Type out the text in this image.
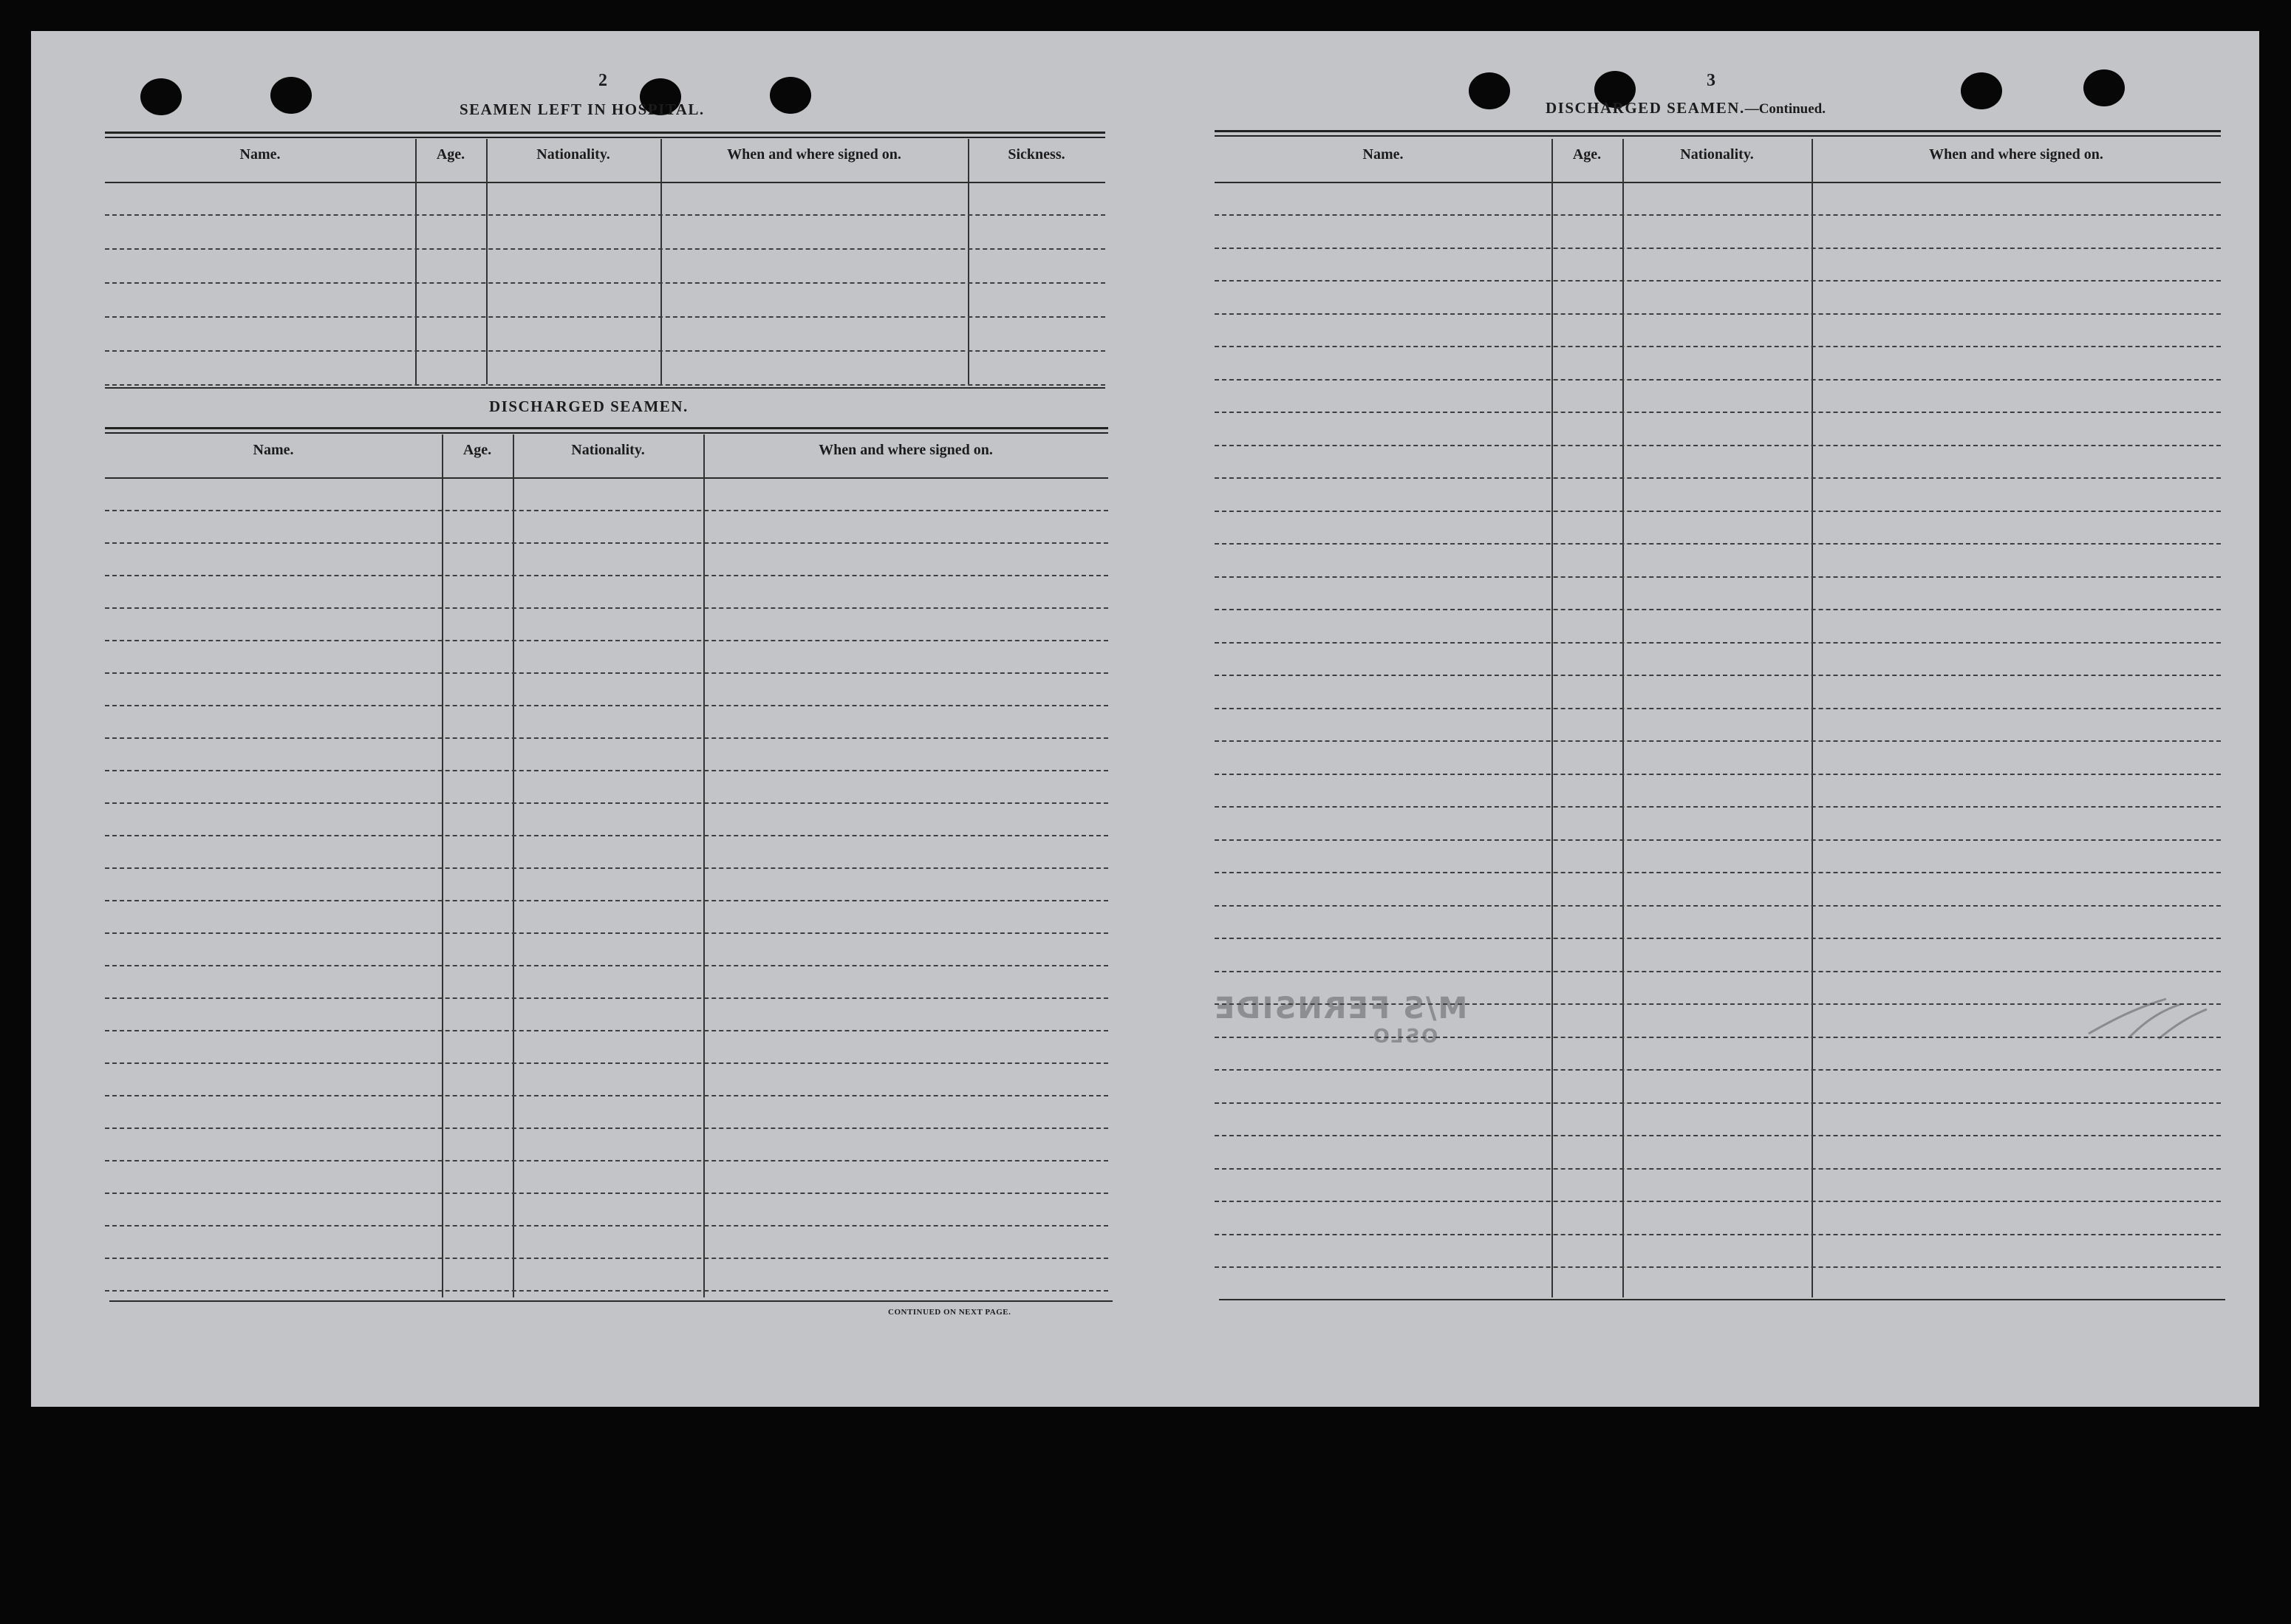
2
SEAMEN LEFT IN HOSPITAL.
Name.	Age.	Nationality.	When and where signed on.	Sickness.
DISCHARGED SEAMEN.
Name.	Age.	Nationality.	When and where signed on.
CONTINUED ON NEXT PAGE.
3
DISCHARGED SEAMEN.—Continued.
Name.	Age.	Nationality.	When and where signed on.
M/S FERNSIDE
OSLO
